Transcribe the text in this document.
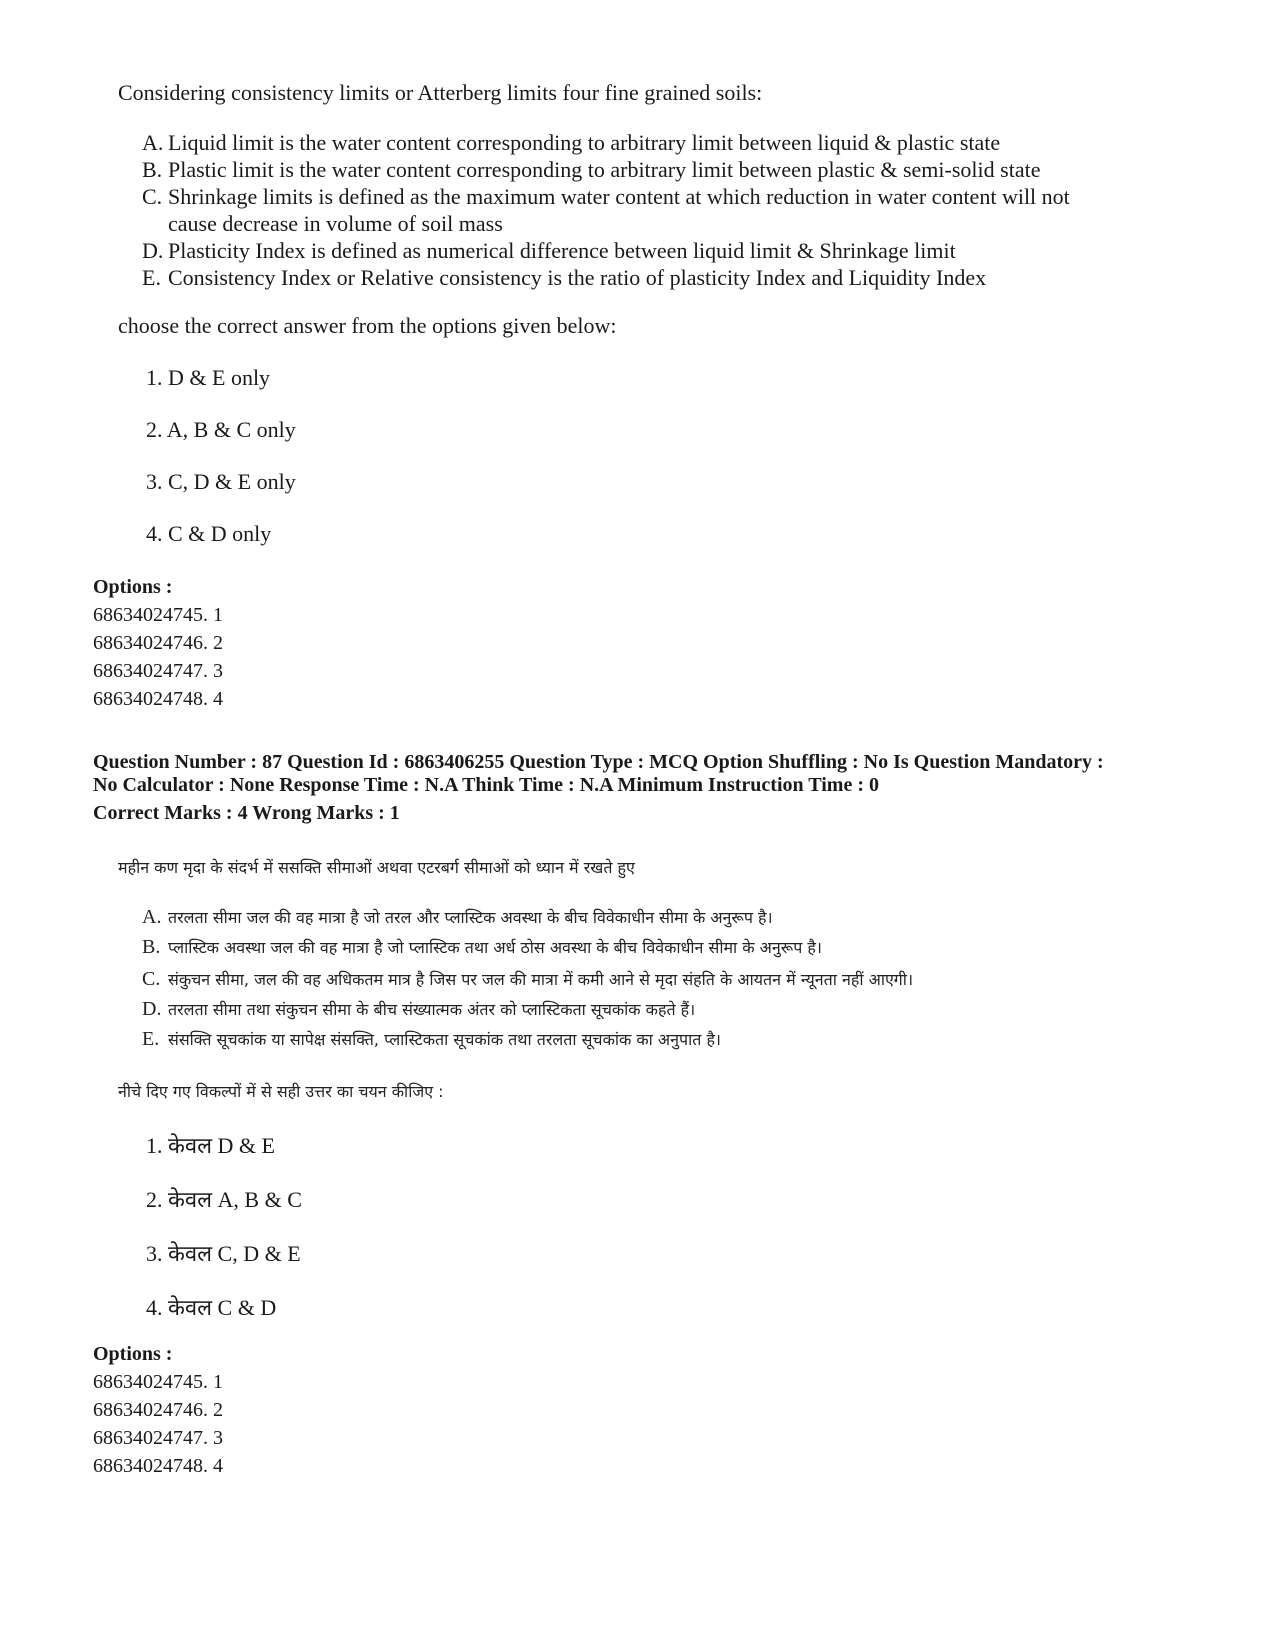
Considering consistency limits or Atterberg limits four fine grained soils:
A. Liquid limit is the water content corresponding to arbitrary limit between liquid & plastic state
B. Plastic limit is the water content corresponding to arbitrary limit between plastic & semi-solid state
C. Shrinkage limits is defined as the maximum water content at which reduction in water content will not
cause decrease in volume of soil mass
D. Plasticity Index is defined as numerical difference between liquid limit & Shrinkage limit
E. Consistency Index or Relative consistency is the ratio of plasticity Index and Liquidity Index
choose the correct answer from the options given below:
1. D & E only
2. A, B & C only
3. C, D & E only
4. C & D only
Options :
68634024745. 1
68634024746. 2
68634024747. 3
68634024748. 4
Question Number : 87 Question Id : 6863406255 Question Type : MCQ Option Shuffling : No Is Question Mandatory :
No Calculator : None Response Time : N.A Think Time : N.A Minimum Instruction Time : 0
Correct Marks : 4 Wrong Marks : 1
महीन कण मृदा के संदर्भ में ससक्ति सीमाओं अथवा एटरबर्ग सीमाओं को ध्यान में रखते हुए
A. तरलता सीमा जल की वह मात्रा है जो तरल और प्लास्टिक अवस्था के बीच विवेकाधीन सीमा के अनुरूप है।
B. प्लास्टिक अवस्था जल की वह मात्रा है जो प्लास्टिक तथा अर्ध ठोस अवस्था के बीच विवेकाधीन सीमा के अनुरूप है।
C. संकुचन सीमा, जल की वह अधिकतम मात्र है जिस पर जल की मात्रा में कमी आने से मृदा संहति के आयतन में न्यूनता नहीं आएगी।
D. तरलता सीमा तथा संकुचन सीमा के बीच संख्यात्मक अंतर को प्लास्टिकता सूचकांक कहते हैं।
E. संसक्ति सूचकांक या सापेक्ष संसक्ति, प्लास्टिकता सूचकांक तथा तरलता सूचकांक का अनुपात है।
नीचे दिए गए विकल्पों में से सही उत्तर का चयन कीजिए :
1. केवल D & E
2. केवल A, B & C
3. केवल C, D & E
4. केवल C & D
Options :
68634024745. 1
68634024746. 2
68634024747. 3
68634024748. 4
